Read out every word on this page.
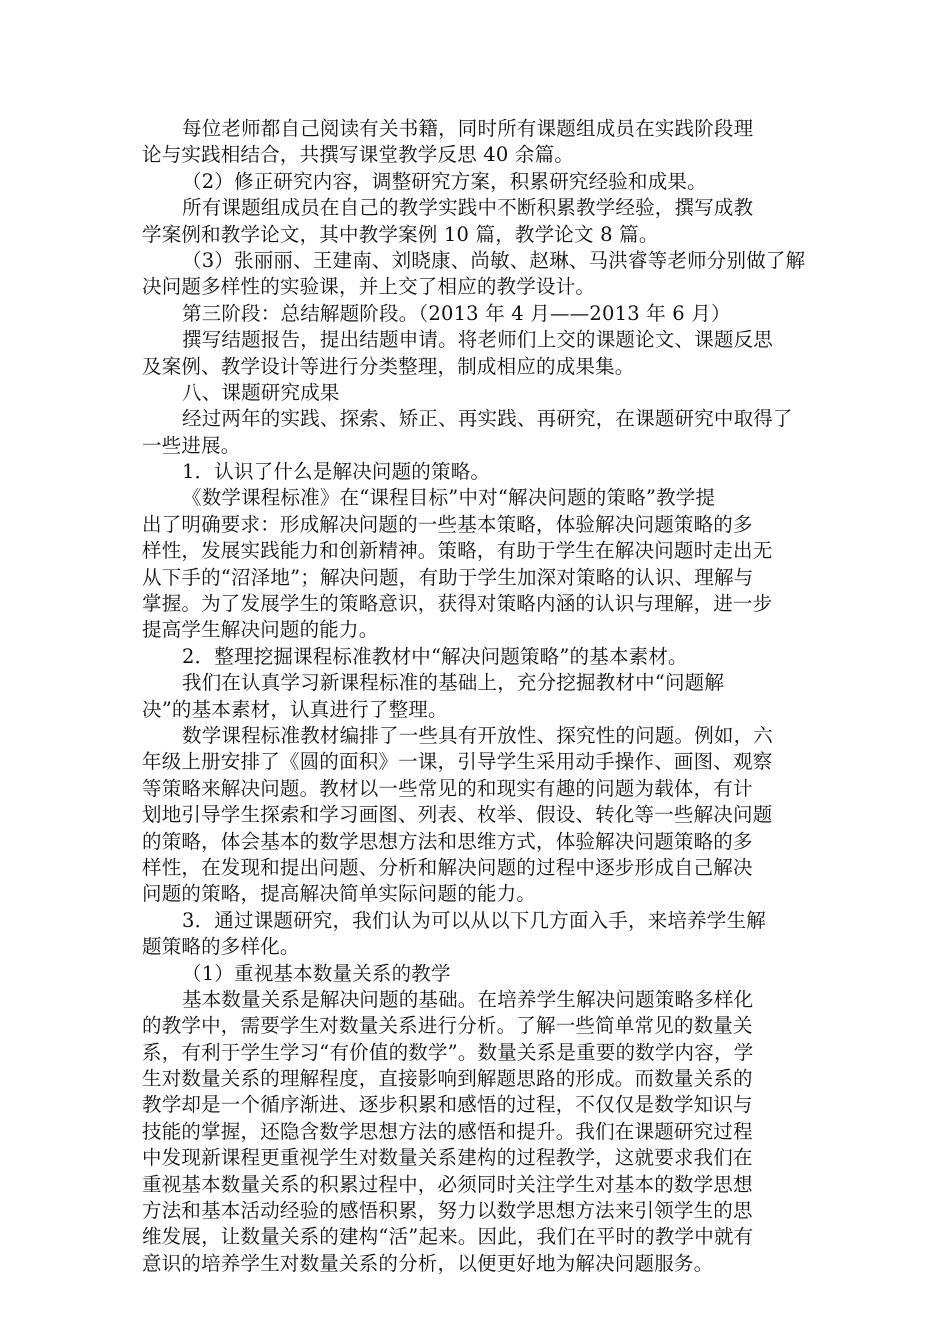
每位老师都自己阅读有关书籍，同时所有课题组成员在实践阶段理
论与实践相结合，共撰写课堂教学反思 40 余篇。
（2）修正研究内容，调整研究方案，积累研究经验和成果。
所有课题组成员在自己的教学实践中不断积累教学经验，撰写成教
学案例和教学论文，其中教学案例 10 篇，教学论文 8 篇。
（3）张丽丽、王建南、刘晓康、尚敏、赵琳、马洪睿等老师分别做了解
决问题多样性的实验课，并上交了相应的教学设计。
第三阶段：总结解题阶段。（2013 年 4 月——2013 年 6 月）
撰写结题报告，提出结题申请。将老师们上交的课题论文、课题反思
及案例、教学设计等进行分类整理，制成相应的成果集。
八、课题研究成果
经过两年的实践、探索、矫正、再实践、再研究，在课题研究中取得了
一些进展。
1．认识了什么是解决问题的策略。
《数学课程标准》在“课程目标”中对“解决问题的策略”教学提
出了明确要求：形成解决问题的一些基本策略，体验解决问题策略的多
样性，发展实践能力和创新精神。策略，有助于学生在解决问题时走出无
从下手的“沼泽地”；解决问题，有助于学生加深对策略的认识、理解与
掌握。为了发展学生的策略意识，获得对策略内涵的认识与理解，进一步
提高学生解决问题的能力。
2．整理挖掘课程标准教材中“解决问题策略”的基本素材。
我们在认真学习新课程标准的基础上，充分挖掘教材中“问题解
决”的基本素材，认真进行了整理。
数学课程标准教材编排了一些具有开放性、探究性的问题。例如，六
年级上册安排了《圆的面积》一课，引导学生采用动手操作、画图、观察
等策略来解决问题。教材以一些常见的和现实有趣的问题为载体，有计
划地引导学生探索和学习画图、列表、枚举、假设、转化等一些解决问题
的策略，体会基本的数学思想方法和思维方式，体验解决问题策略的多
样性，在发现和提出问题、分析和解决问题的过程中逐步形成自己解决
问题的策略，提高解决简单实际问题的能力。
3．通过课题研究，我们认为可以从以下几方面入手，来培养学生解
题策略的多样化。
（1）重视基本数量关系的教学
基本数量关系是解决问题的基础。在培养学生解决问题策略多样化
的教学中，需要学生对数量关系进行分析。了解一些简单常见的数量关
系，有利于学生学习“有价值的数学”。数量关系是重要的数学内容，学
生对数量关系的理解程度，直接影响到解题思路的形成。而数量关系的
教学却是一个循序渐进、逐步积累和感悟的过程，不仅仅是数学知识与
技能的掌握，还隐含数学思想方法的感悟和提升。我们在课题研究过程
中发现新课程更重视学生对数量关系建构的过程教学，这就要求我们在
重视基本数量关系的积累过程中，必须同时关注学生对基本的数学思想
方法和基本活动经验的感悟积累，努力以数学思想方法来引领学生的思
维发展，让数量关系的建构“活”起来。因此，我们在平时的教学中就有
意识的培养学生对数量关系的分析，以便更好地为解决问题服务。
